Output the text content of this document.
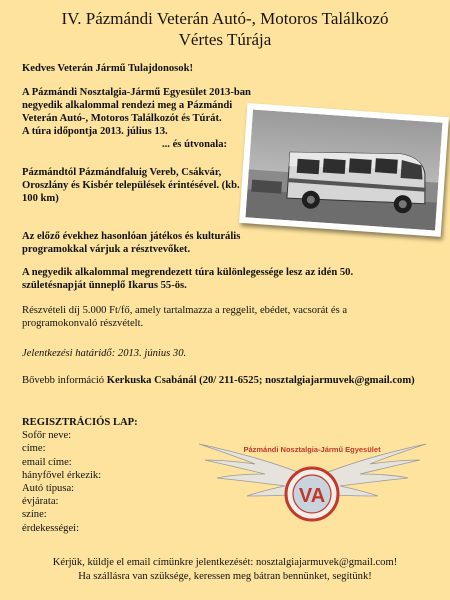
IV. Pázmándi Veterán Autó-, Motoros Találkozó
Vértes Túrája
Kedves Veterán Jármű Tulajdonosok!
A Pázmándi Nosztalgia-Jármű Egyesület 2013-ban
negyedik alkalommal rendezi meg a Pázmándi
Veterán Autó-, Motoros Találkozót és Túrát.
A túra időpontja 2013. július 13.
... és útvonala:
Pázmándtól Pázmándfaluig Vereb, Csákvár,
Oroszlány és Kisbér települések érintésével. (kb.
100 km)
Az előző évekhez hasonlóan játékos és kulturális
programokkal várjuk a résztvevőket.
A negyedik alkalommal megrendezett túra különlegessége lesz az idén 50.
születésnapját ünneplő Ikarus 55-ös.
Részvételi díj 5.000 Ft/fő, amely tartalmazza a reggelit, ebédet, vacsorát és a
programokonvaló részvételt.
Jelentkezési határidő: 2013. június 30.
Bővebb információ Kerkuska Csabánál (20/ 211-6525; nosztalgiajarmuvek@gmail.com)
REGISZTRÁCIÓS LAP:
Sofőr neve:
címe:
email címe:
hányfővel érkezik:
Autó típusa:
évjárata:
színe:
érdekességei:
Pázmándi Nosztalgia-Jármű Egyesület
VA
Kérjük, küldje el email címünkre jelentkezését: nosztalgiajarmuvek@gmail.com!
Ha szállásra van szüksége, keressen meg bátran bennünket, segítünk!
